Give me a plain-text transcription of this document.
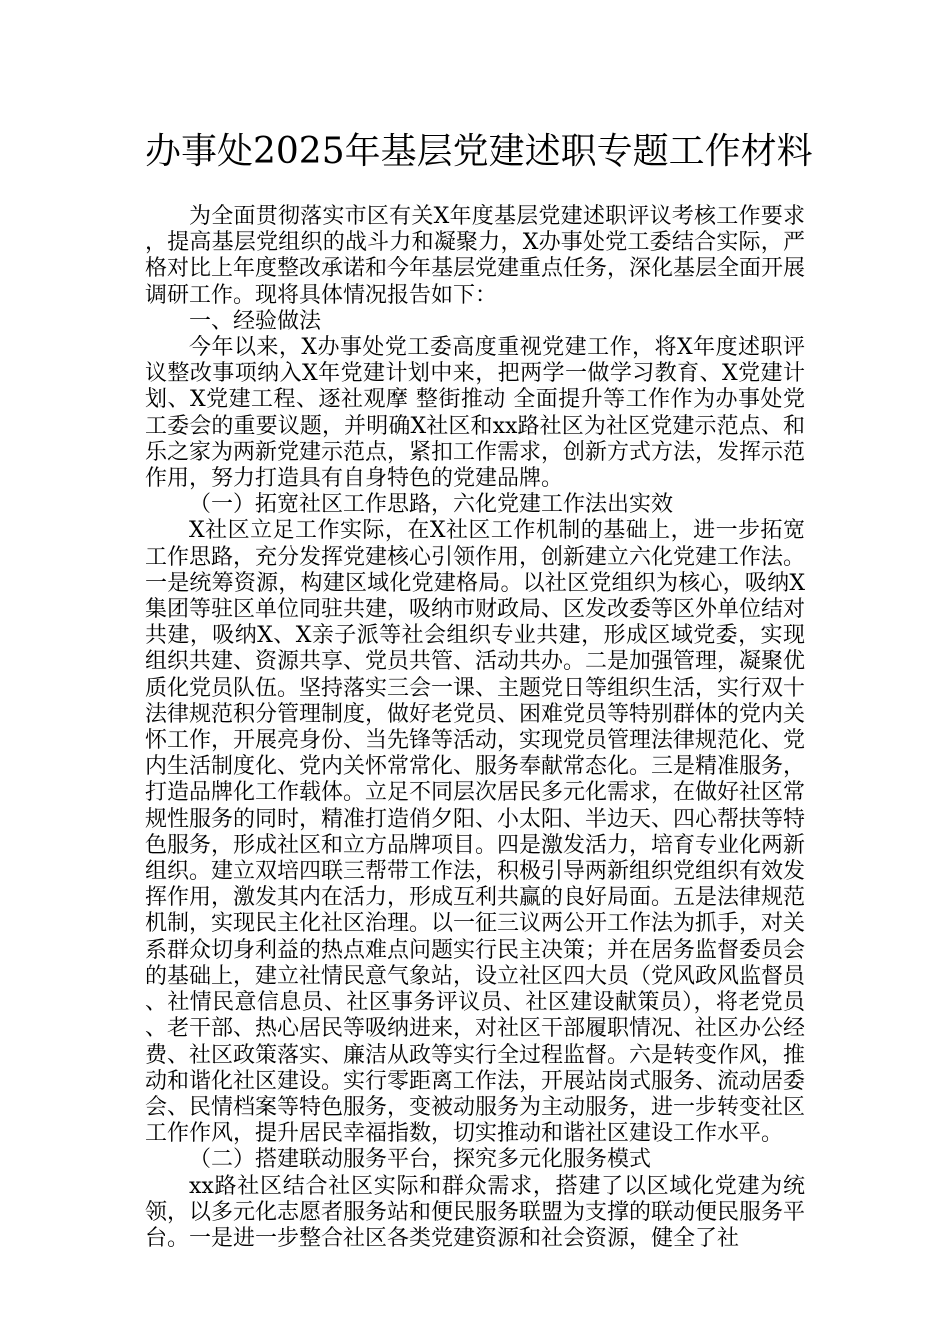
办事处2025年基层党建述职专题工作材料

为全面贯彻落实市区有关X年度基层党建述职评议考核工作要求，提高基层党组织的战斗力和凝聚力，X办事处党工委结合实际，严格对比上年度整改承诺和今年基层党建重点任务，深化基层全面开展调研工作。现将具体情况报告如下：

一、经验做法

今年以来，X办事处党工委高度重视党建工作，将X年度述职评议整改事项纳入X年党建计划中来，把两学一做学习教育、X党建计划、X党建工程、逐社观摩 整街推动 全面提升等工作作为办事处党工委会的重要议题，并明确X社区和xx路社区为社区党建示范点、和乐之家为两新党建示范点，紧扣工作需求，创新方式方法，发挥示范作用，努力打造具有自身特色的党建品牌。

（一）拓宽社区工作思路，六化党建工作法出实效

X社区立足工作实际，在X社区工作机制的基础上，进一步拓宽工作思路，充分发挥党建核心引领作用，创新建立六化党建工作法。一是统筹资源，构建区域化党建格局。以社区党组织为核心，吸纳X集团等驻区单位同驻共建，吸纳市财政局、区发改委等区外单位结对共建，吸纳X、X亲子派等社会组织专业共建，形成区域党委，实现组织共建、资源共享、党员共管、活动共办。二是加强管理，凝聚优质化党员队伍。坚持落实三会一课、主题党日等组织生活，实行双十法律规范积分管理制度，做好老党员、困难党员等特别群体的党内关怀工作，开展亮身份、当先锋等活动，实现党员管理法律规范化、党内生活制度化、党内关怀常常化、服务奉献常态化。三是精准服务，打造品牌化工作载体。立足不同层次居民多元化需求，在做好社区常规性服务的同时，精准打造俏夕阳、小太阳、半边天、四心帮扶等特色服务，形成社区和立方品牌项目。四是激发活力，培育专业化两新组织。建立双培四联三帮带工作法，积极引导两新组织党组织有效发挥作用，激发其内在活力，形成互利共赢的良好局面。五是法律规范机制，实现民主化社区治理。以一征三议两公开工作法为抓手，对关系群众切身利益的热点难点问题实行民主决策；并在居务监督委员会的基础上，建立社情民意气象站，设立社区四大员（党风政风监督员、社情民意信息员、社区事务评议员、社区建设献策员），将老党员、老干部、热心居民等吸纳进来，对社区干部履职情况、社区办公经费、社区政策落实、廉洁从政等实行全过程监督。六是转变作风，推动和谐化社区建设。实行零距离工作法，开展站岗式服务、流动居委会、民情档案等特色服务，变被动服务为主动服务，进一步转变社区工作作风，提升居民幸福指数，切实推动和谐社区建设工作水平。

（二）搭建联动服务平台，探究多元化服务模式

xx路社区结合社区实际和群众需求，搭建了以区域化党建为统领，以多元化志愿者服务站和便民服务联盟为支撑的联动便民服务平台。一是进一步整合社区各类党建资源和社会资源，健全了社
